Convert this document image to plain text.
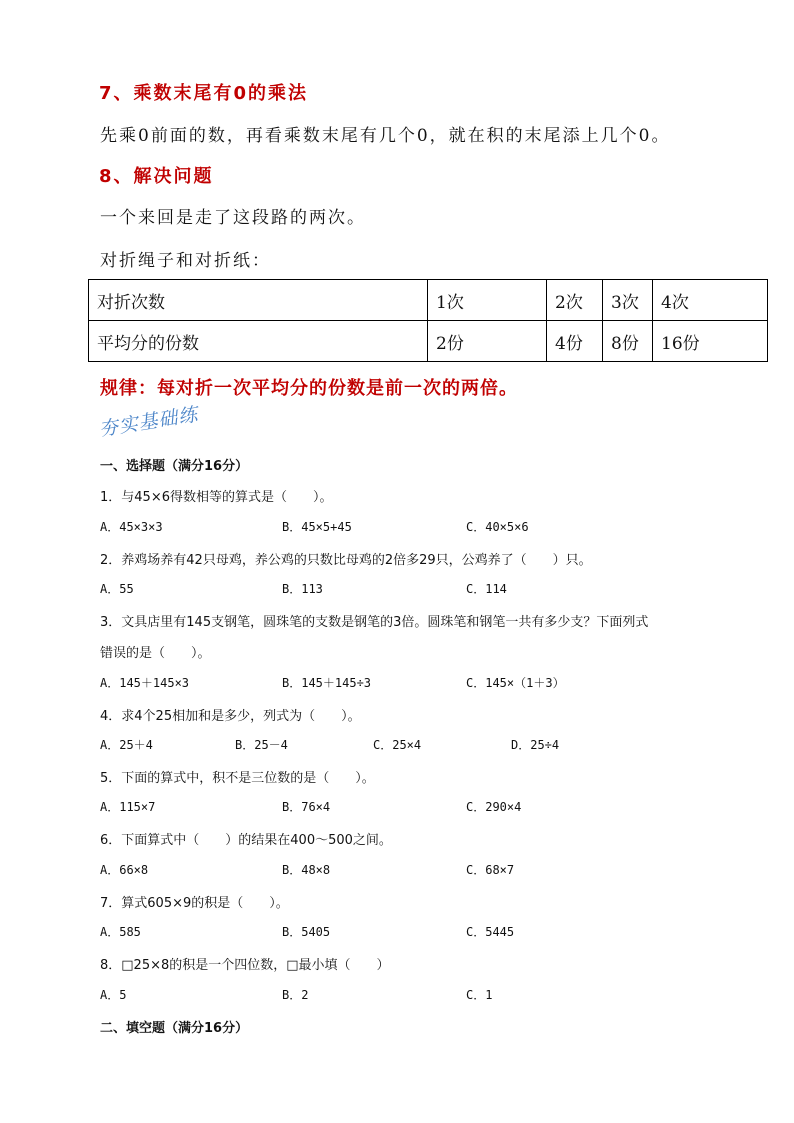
7、乘数末尾有0的乘法
先乘0前面的数，再看乘数末尾有几个0，就在积的末尾添上几个0。
8、解决问题
一个来回是走了这段路的两次。
对折绳子和对折纸：
对折次数	1次	2次	3次	4次
平均分的份数	2份	4份	8份	16份
规律：每对折一次平均分的份数是前一次的两倍。
夯实基础练
一、选择题（满分16分）
1．与45×6得数相等的算式是（　　）。
A．45×3×3	B．45×5+45	C．40×5×6
2．养鸡场养有42只母鸡，养公鸡的只数比母鸡的2倍多29只，公鸡养了（　　）只。
A．55	B．113	C．114
3．文具店里有145支钢笔，圆珠笔的支数是钢笔的3倍。圆珠笔和钢笔一共有多少支？下面列式
错误的是（　　）。
A．145＋145×3	B．145＋145÷3	C．145×（1＋3）
4．求4个25相加和是多少，列式为（　　）。
A．25＋4	B．25－4	C．25×4	D．25÷4
5．下面的算式中，积不是三位数的是（　　）。
A．115×7	B．76×4	C．290×4
6．下面算式中（　　）的结果在400～500之间。
A．66×8	B．48×8	C．68×7
7．算式605×9的积是（　　）。
A．585	B．5405	C．5445
8．□25×8的积是一个四位数，□最小填（　　）
A．5	B．2	C．1
二、填空题（满分16分）
